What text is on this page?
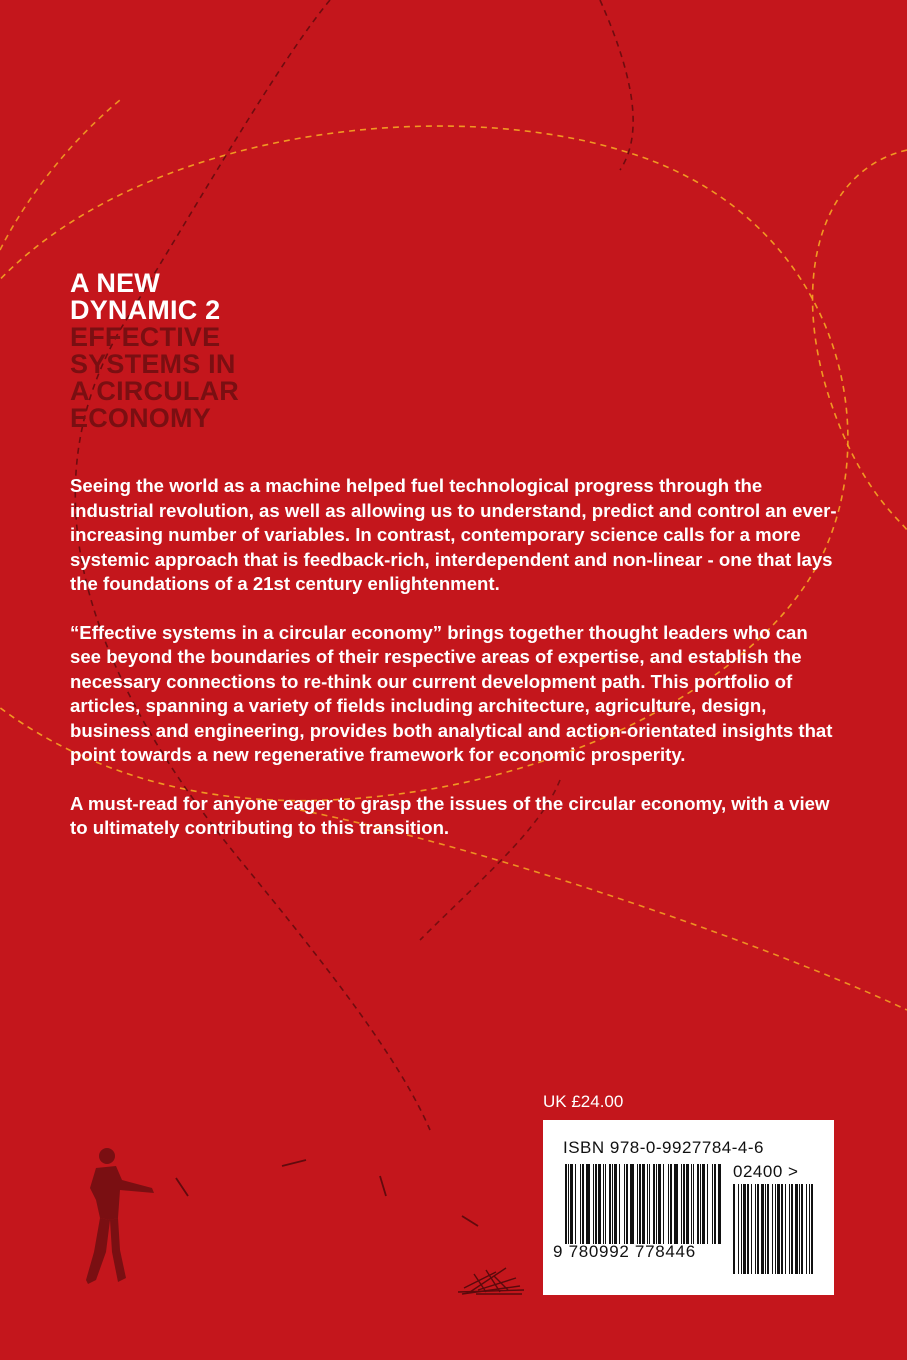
A NEW
DYNAMIC 2
EFFECTIVE
SYSTEMS IN
A CIRCULAR
ECONOMY

Seeing the world as a machine helped fuel technological progress through the industrial revolution, as well as allowing us to understand, predict and control an ever-increasing number of variables. In contrast, contemporary science calls for a more systemic approach that is feedback-rich, interdependent and non-linear - one that lays the foundations of a 21st century enlightenment.

“Effective systems in a circular economy” brings together thought leaders who can see beyond the boundaries of their respective areas of expertise, and establish the necessary connections to re-think our current development path. This portfolio of articles, spanning a variety of fields including architecture, agriculture, design, business and engineering, provides both analytical and action-orientated insights that point towards a new regenerative framework for economic prosperity.

A must-read for anyone eager to grasp the issues of the circular economy, with a view to ultimately contributing to this transition.

UK £24.00
ISBN 978-0-9927784-4-6
02400 >
9 780992 778446
